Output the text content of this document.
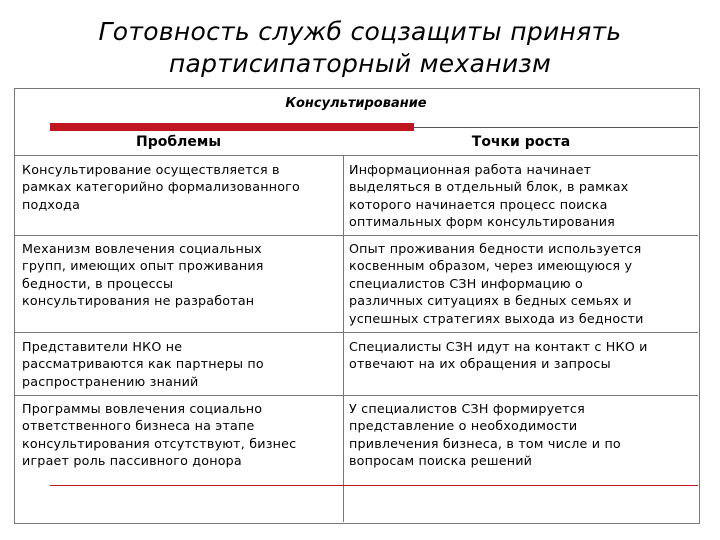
Готовность служб соцзащиты принять
партисипаторный механизм
Консультирование
Проблемы	Точки роста
Консультирование осуществляется в
рамках категорийно формализованного
подхода
Информационная работа начинает
выделяться в отдельный блок, в рамках
которого начинается процесс поиска
оптимальных форм консультирования
Механизм вовлечения социальных
групп, имеющих опыт проживания
бедности, в процессы
консультирования не разработан
Опыт проживания бедности используется
косвенным образом, через имеющуюся у
специалистов СЗН информацию о
различных ситуациях в бедных семьях и
успешных стратегиях выхода из бедности
Представители НКО не
рассматриваются как партнеры по
распространению знаний
Специалисты СЗН идут на контакт с НКО и
отвечают на их обращения и запросы
Программы вовлечения социально
ответственного бизнеса на этапе
консультирования отсутствуют, бизнес
играет роль пассивного донора
У специалистов СЗН формируется
представление о необходимости
привлечения бизнеса, в том числе и по
вопросам поиска решений
